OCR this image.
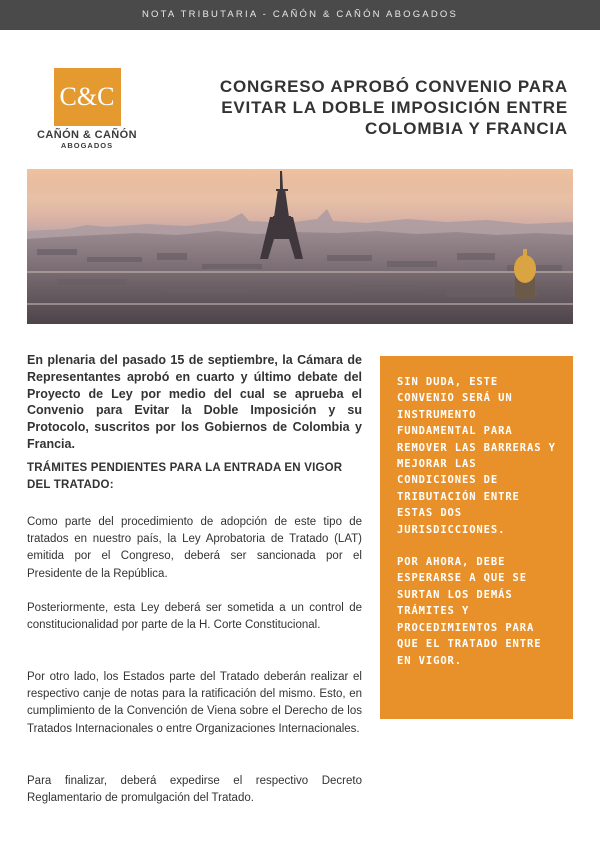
NOTA TRIBUTARIA - CAÑÓN & CAÑÓN ABOGADOS
C&C
CAÑÓN & CAÑÓN
ABOGADOS
CONGRESO APROBÓ CONVENIO PARA EVITAR LA DOBLE IMPOSICIÓN ENTRE COLOMBIA Y FRANCIA

En plenaria del pasado 15 de septiembre, la Cámara de Representantes aprobó en cuarto y último debate del Proyecto de Ley por medio del cual se aprueba el Convenio para Evitar la Doble Imposición y su Protocolo, suscritos por los Gobiernos de Colombia y Francia.

TRÁMITES PENDIENTES PARA LA ENTRADA EN VIGOR DEL TRATADO:

Como parte del procedimiento de adopción de este tipo de tratados en nuestro país, la Ley Aprobatoria de Tratado (LAT) emitida por el Congreso, deberá ser sancionada por el Presidente de la República.

Posteriormente, esta Ley deberá ser sometida a un control de constitucionalidad por parte de la H. Corte Constitucional.

Por otro lado, los Estados parte del Tratado deberán realizar el respectivo canje de notas para la ratificación del mismo. Esto, en cumplimiento de la Convención de Viena sobre el Derecho de los Tratados Internacionales o entre Organizaciones Internacionales.

Para finalizar, deberá expedirse el respectivo Decreto Reglamentario de promulgación del Tratado.

SIN DUDA, ESTE CONVENIO SERÁ UN INSTRUMENTO FUNDAMENTAL PARA REMOVER LAS BARRERAS Y MEJORAR LAS CONDICIONES DE TRIBUTACIÓN ENTRE ESTAS DOS JURISDICCIONES.

POR AHORA, DEBE ESPERARSE A QUE SE SURTAN LOS DEMÁS TRÁMITES Y PROCEDIMIENTOS PARA QUE EL TRATADO ENTRE EN VIGOR.
